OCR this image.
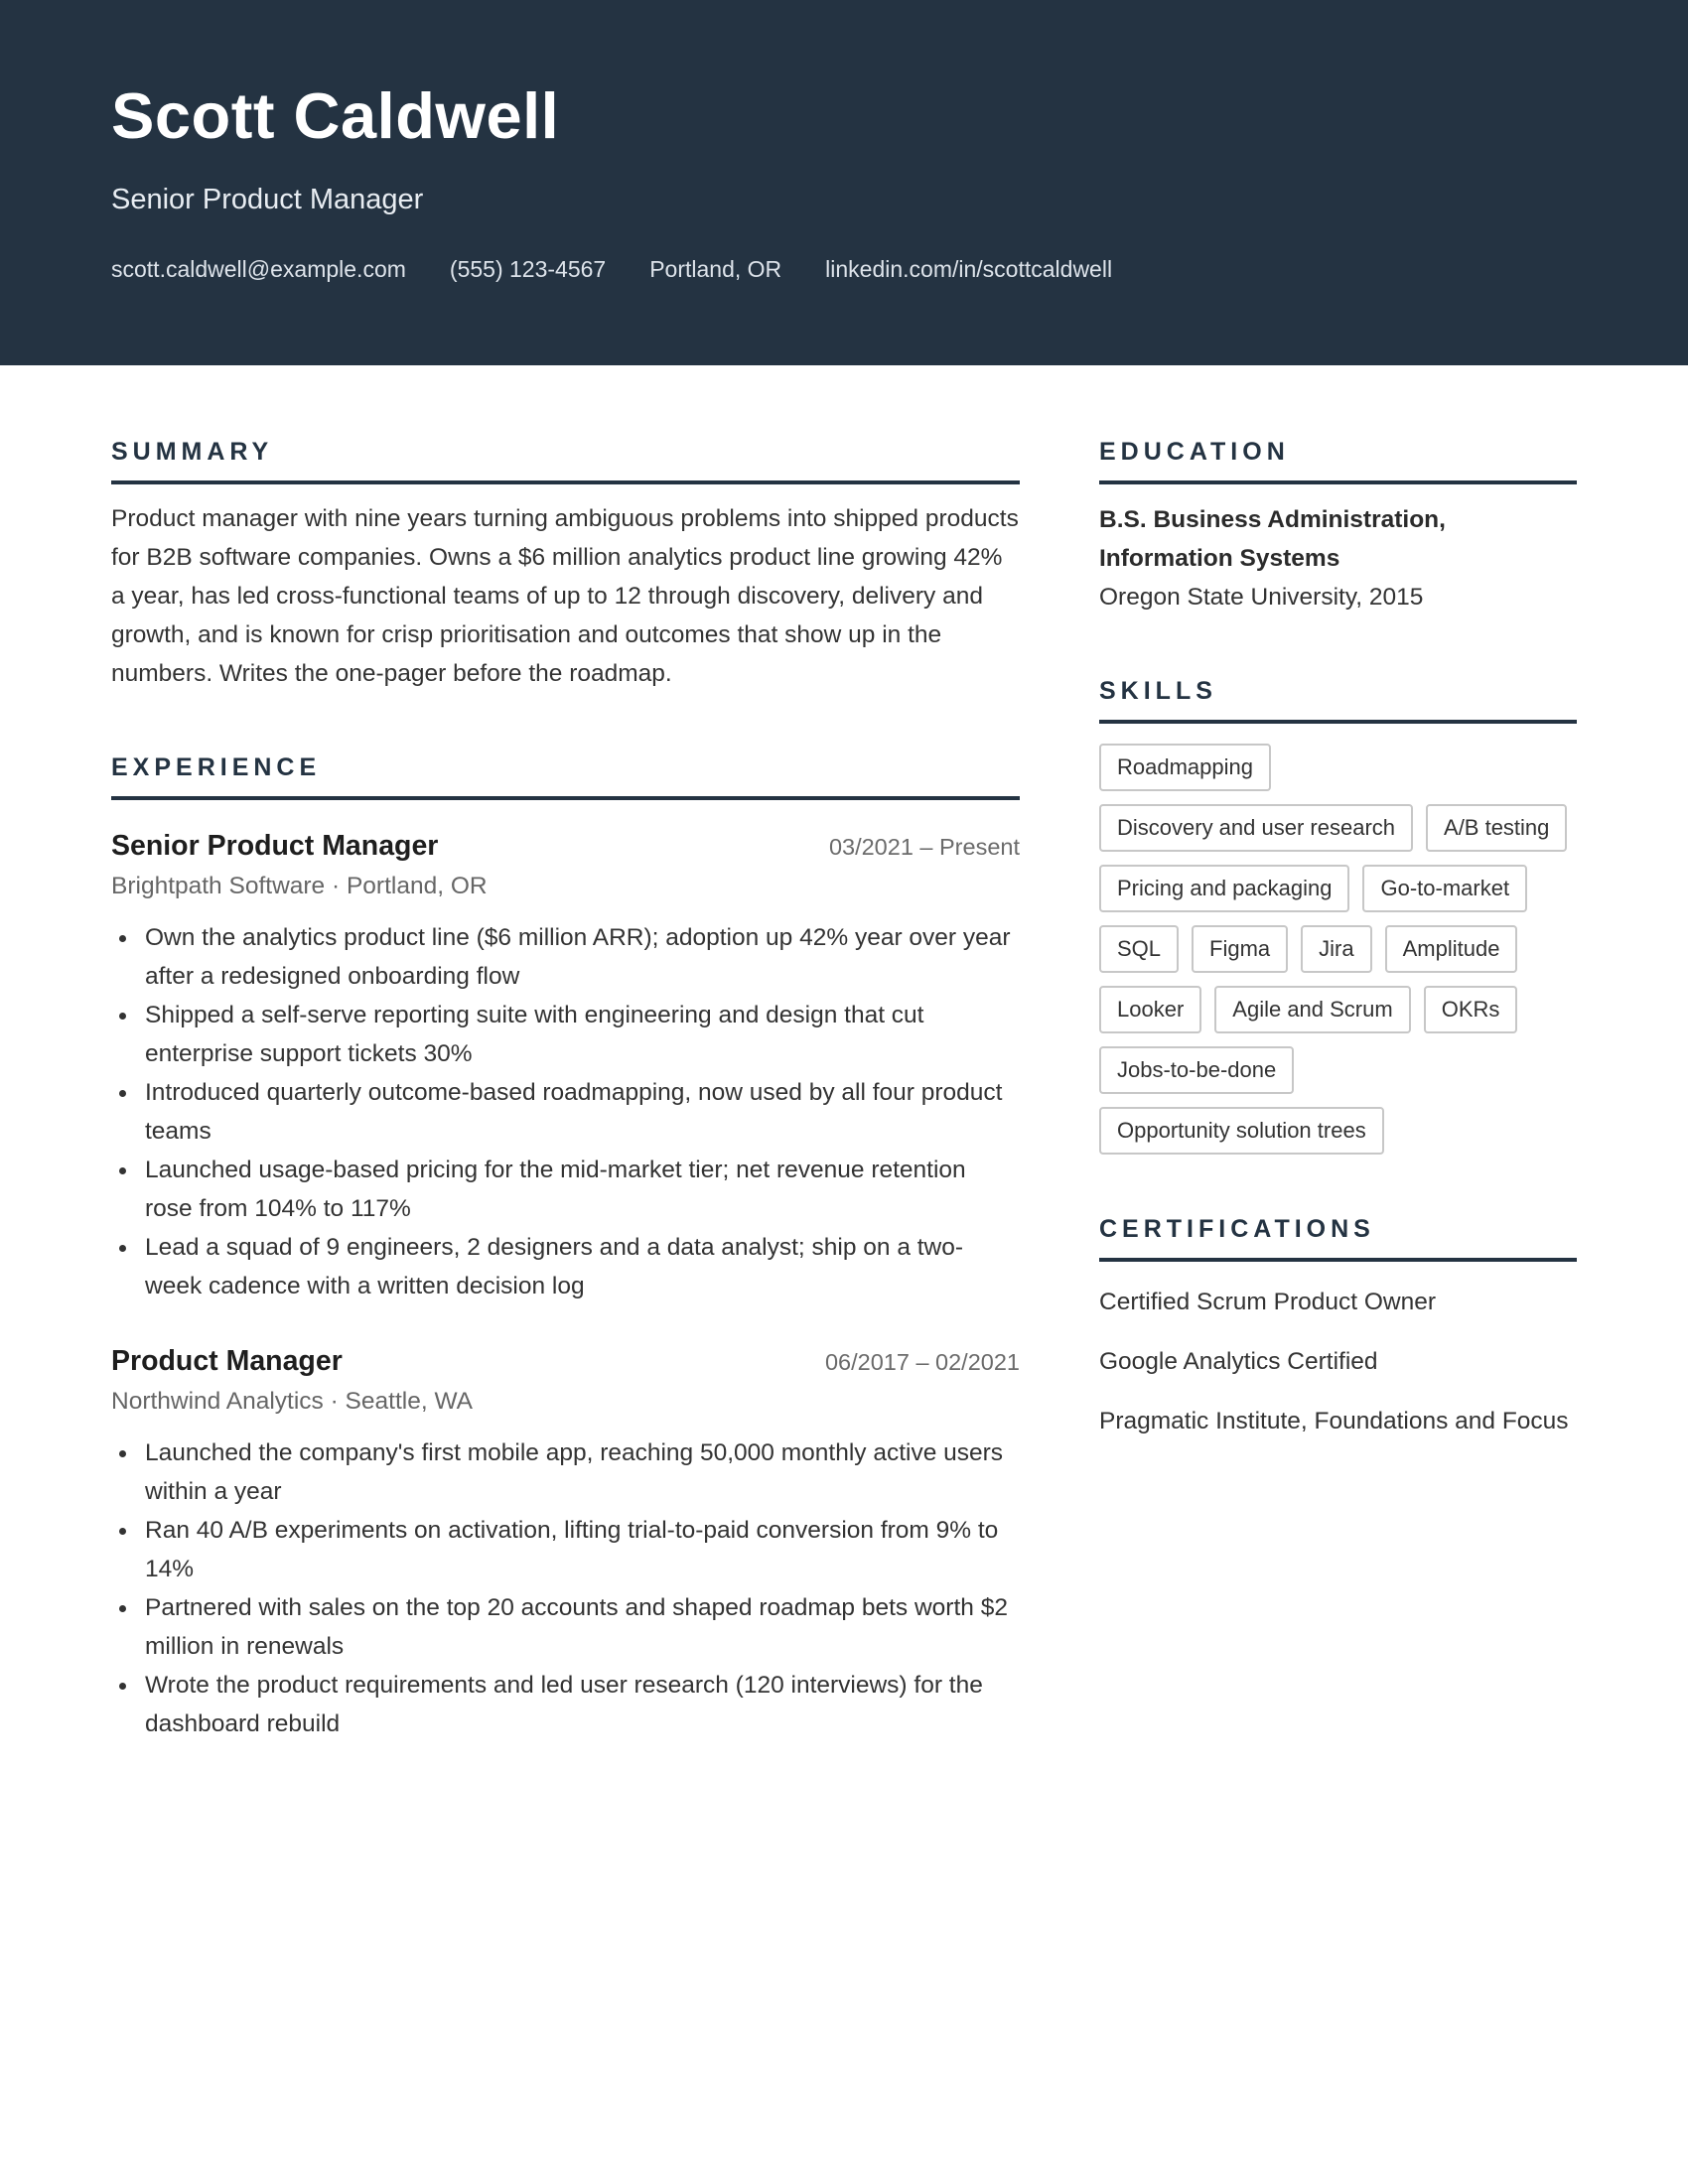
Scott Caldwell
Senior Product Manager
scott.caldwell@example.com (555) 123-4567 Portland, OR linkedin.com/in/scottcaldwell
SUMMARY

Product manager with nine years turning ambiguous problems into shipped products for B2B software companies. Owns a $6 million analytics product line growing 42% a year, has led cross-functional teams of up to 12 through discovery, delivery and growth, and is known for crisp prioritisation and outcomes that show up in the numbers. Writes the one-pager before the roadmap.

EXPERIENCE
Senior Product Manager	03/2021 – Present
Brightpath Software · Portland, OR
Own the analytics product line ($6 million ARR); adoption up 42% year over year after a redesigned onboarding flow
Shipped a self-serve reporting suite with engineering and design that cut enterprise support tickets 30%
Introduced quarterly outcome-based roadmapping, now used by all four product teams
Launched usage-based pricing for the mid-market tier; net revenue retention rose from 104% to 117%
Lead a squad of 9 engineers, 2 designers and a data analyst; ship on a two-week cadence with a written decision log
Product Manager	06/2017 – 02/2021
Northwind Analytics · Seattle, WA
Launched the company's first mobile app, reaching 50,000 monthly active users within a year
Ran 40 A/B experiments on activation, lifting trial-to-paid conversion from 9% to 14%
Partnered with sales on the top 20 accounts and shaped roadmap bets worth $2 million in renewals
Wrote the product requirements and led user research (120 interviews) for the dashboard rebuild
EDUCATION
B.S. Business Administration, Information Systems
Oregon State University, 2015
SKILLS
Roadmapping
Discovery and user research	A/B testing
Pricing and packaging	Go-to-market
SQL	Figma	Jira	Amplitude
Looker	Agile and Scrum	OKRs
Jobs-to-be-done
Opportunity solution trees
CERTIFICATIONS
Certified Scrum Product Owner
Google Analytics Certified
Pragmatic Institute, Foundations and Focus
